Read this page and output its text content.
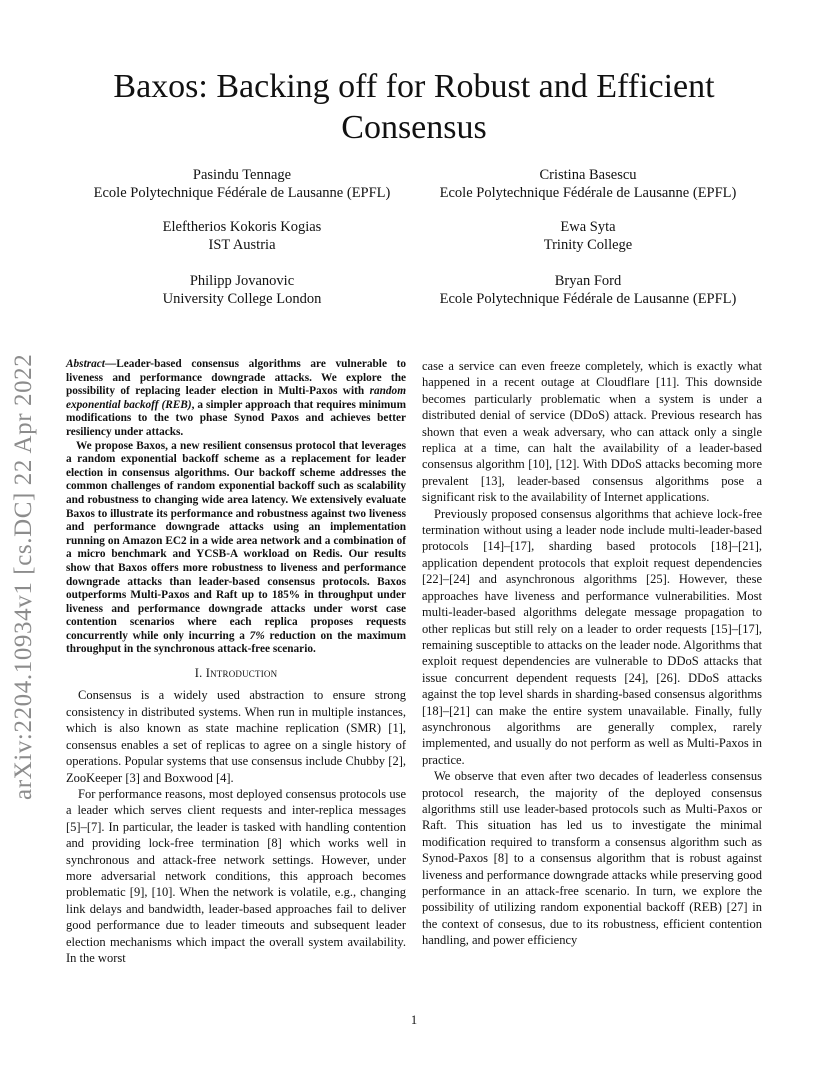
arXiv:2204.10934v1 [cs.DC] 22 Apr 2022
Baxos: Backing off for Robust and Efficient
Consensus
Pasindu Tennage
Ecole Polytechnique Fédérale de Lausanne (EPFL)
Cristina Basescu
Ecole Polytechnique Fédérale de Lausanne (EPFL)
Eleftherios Kokoris Kogias
IST Austria
Ewa Syta
Trinity College
Philipp Jovanovic
University College London
Bryan Ford
Ecole Polytechnique Fédérale de Lausanne (EPFL)

Abstract—Leader-based consensus algorithms are vulnerable to liveness and performance downgrade attacks. We explore the possibility of replacing leader election in Multi-Paxos with random exponential backoff (REB), a simpler approach that requires minimum modifications to the two phase Synod Paxos and achieves better resiliency under attacks.

We propose Baxos, a new resilient consensus protocol that leverages a random exponential backoff scheme as a replacement for leader election in consensus algorithms. Our backoff scheme addresses the common challenges of random exponential backoff such as scalability and robustness to changing wide area latency. We extensively evaluate Baxos to illustrate its performance and robustness against two liveness and performance downgrade attacks using an implementation running on Amazon EC2 in a wide area network and a combination of a micro benchmark and YCSB-A workload on Redis. Our results show that Baxos offers more robustness to liveness and performance downgrade attacks than leader-based consensus protocols. Baxos outperforms Multi-Paxos and Raft up to 185% in throughput under liveness and performance downgrade attacks under worst case contention scenarios where each replica proposes requests concurrently while only incurring a 7% reduction on the maximum throughput in the synchronous attack-free scenario.

I. Introduction

Consensus is a widely used abstraction to ensure strong consistency in distributed systems. When run in multiple instances, which is also known as state machine replication (SMR) [1], consensus enables a set of replicas to agree on a single history of operations. Popular systems that use consensus include Chubby [2], ZooKeeper [3] and Boxwood [4].

For performance reasons, most deployed consensus protocols use a leader which serves client requests and inter-replica messages [5]–[7]. In particular, the leader is tasked with handling contention and providing lock-free termination [8] which works well in synchronous and attack-free network settings. However, under more adversarial network conditions, this approach becomes problematic [9], [10]. When the network is volatile, e.g., changing link delays and bandwidth, leader-based approaches fail to deliver good performance due to leader timeouts and subsequent leader election mechanisms which impact the overall system availability. In the worst

case a service can even freeze completely, which is exactly what happened in a recent outage at Cloudflare [11]. This downside becomes particularly problematic when a system is under a distributed denial of service (DDoS) attack. Previous research has shown that even a weak adversary, who can attack only a single replica at a time, can halt the availability of a leader-based consensus algorithm [10], [12]. With DDoS attacks becoming more prevalent [13], leader-based consensus algorithms pose a significant risk to the availability of Internet applications.

Previously proposed consensus algorithms that achieve lock-free termination without using a leader node include multi-leader-based protocols [14]–[17], sharding based protocols [18]–[21], application dependent protocols that exploit request dependencies [22]–[24] and asynchronous algorithms [25]. However, these approaches have liveness and performance vulnerabilities. Most multi-leader-based algorithms delegate message propagation to other replicas but still rely on a leader to order requests [15]–[17], remaining susceptible to attacks on the leader node. Algorithms that exploit request dependencies are vulnerable to DDoS attacks that issue concurrent dependent requests [24], [26]. DDoS attacks against the top level shards in sharding-based consensus algorithms [18]–[21] can make the entire system unavailable. Finally, fully asynchronous algorithms are generally complex, rarely implemented, and usually do not perform as well as Multi-Paxos in practice.

We observe that even after two decades of leaderless consensus protocol research, the majority of the deployed consensus algorithms still use leader-based protocols such as Multi-Paxos or Raft. This situation has led us to investigate the minimal modification required to transform a consensus algorithm such as Synod-Paxos [8] to a consensus algorithm that is robust against liveness and performance downgrade attacks while preserving good performance in an attack-free scenario. In turn, we explore the possibility of utilizing random exponential backoff (REB) [27] in the context of consesus, due to its robustness, efficient contention handling, and power efficiency

1
